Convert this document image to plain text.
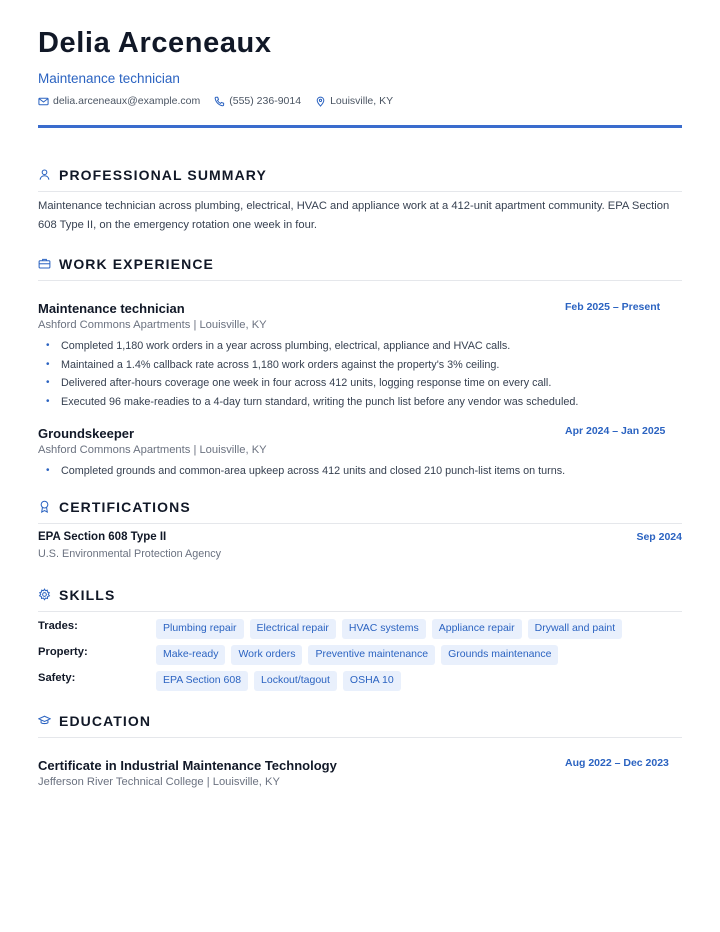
Delia Arceneaux
Maintenance technician
delia.arceneaux@example.com	(555) 236-9014	Louisville, KY
PROFESSIONAL SUMMARY
Maintenance technician across plumbing, electrical, HVAC and appliance work at a 412-unit apartment community. EPA Section 608 Type II, on the emergency rotation one week in four.
WORK EXPERIENCE
Maintenance technician	Feb 2025 – Present
Ashford Commons Apartments | Louisville, KY
• Completed 1,180 work orders in a year across plumbing, electrical, appliance and HVAC calls.
• Maintained a 1.4% callback rate across 1,180 work orders against the property's 3% ceiling.
• Delivered after-hours coverage one week in four across 412 units, logging response time on every call.
• Executed 96 make-readies to a 4-day turn standard, writing the punch list before any vendor was scheduled.
Groundskeeper	Apr 2024 – Jan 2025
Ashford Commons Apartments | Louisville, KY
• Completed grounds and common-area upkeep across 412 units and closed 210 punch-list items on turns.
CERTIFICATIONS
EPA Section 608 Type II	Sep 2024
U.S. Environmental Protection Agency
SKILLS
Trades:	Plumbing repair	Electrical repair	HVAC systems	Appliance repair	Drywall and paint
Property:	Make-ready	Work orders	Preventive maintenance	Grounds maintenance
Safety:	EPA Section 608	Lockout/tagout	OSHA 10
EDUCATION
Certificate in Industrial Maintenance Technology	Aug 2022 – Dec 2023
Jefferson River Technical College | Louisville, KY
